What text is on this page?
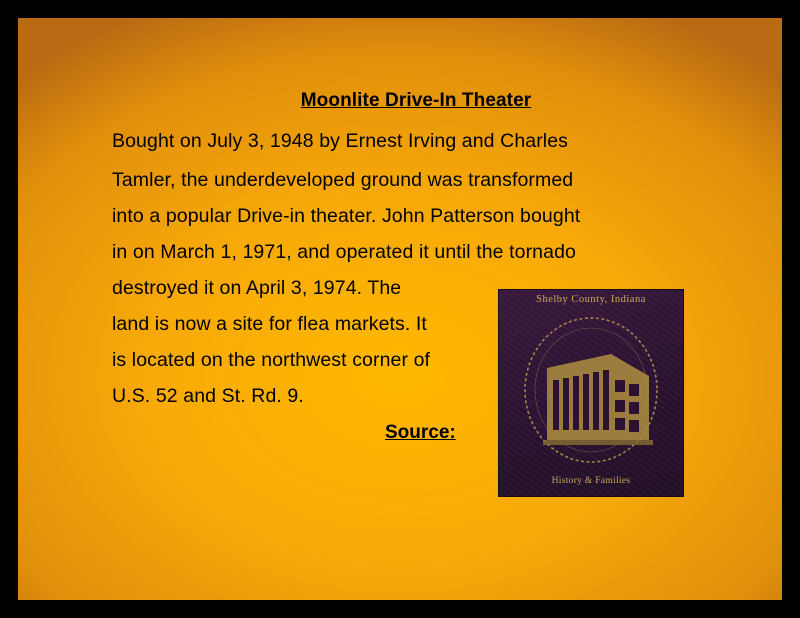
Moonlite Drive-In Theater
Bought on July 3, 1948 by Ernest Irving and Charles
Tamler, the underdeveloped ground was transformed
into a popular Drive-in theater. John Patterson bought
in on March 1, 1971, and operated it until the tornado
destroyed it on April 3, 1974. The
land is now a site for flea markets. It
is located on the northwest corner of
U.S. 52 and St. Rd. 9.
Source:
Shelby County, Indiana
History & Families
